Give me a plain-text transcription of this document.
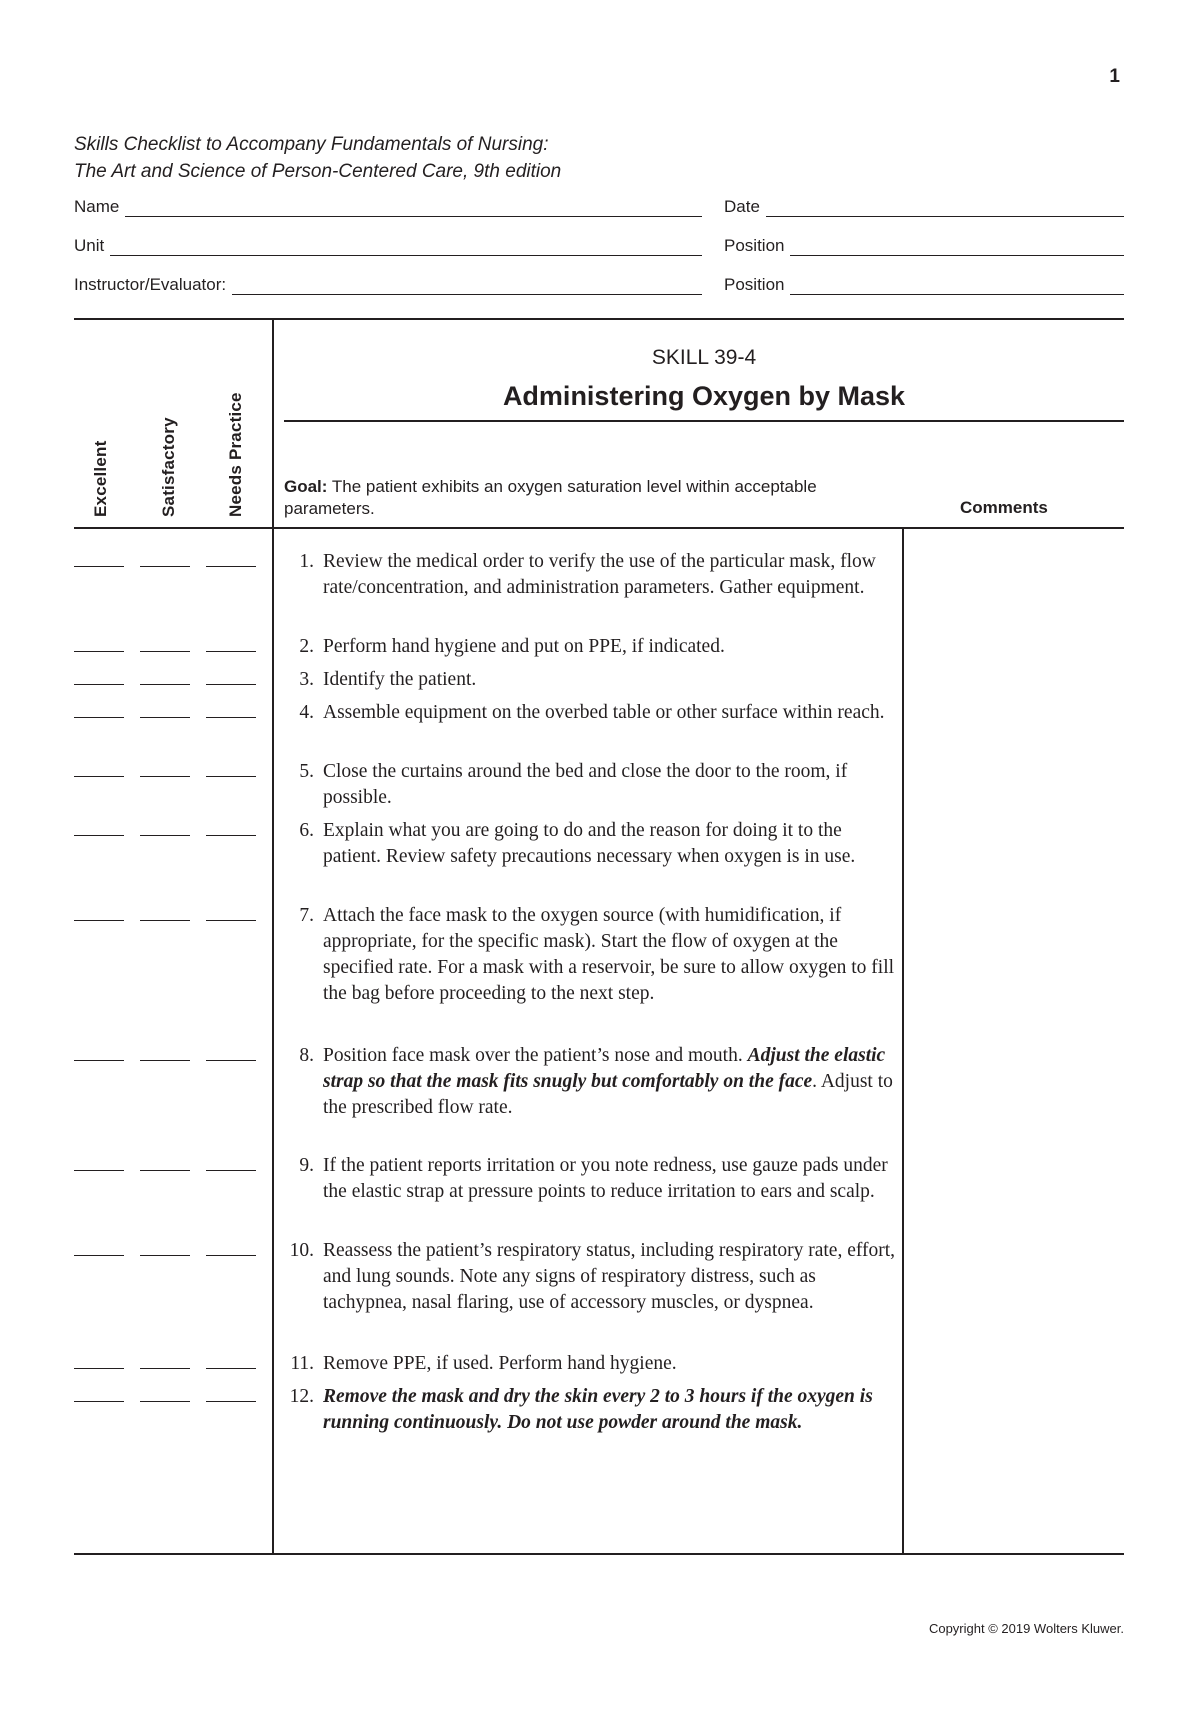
1
Skills Checklist to Accompany Fundamentals of Nursing:
The Art and Science of Person-Centered Care, 9th edition
Name	Date
Unit	Position
Instructor/Evaluator:	Position
Excellent	Satisfactory	Needs Practice
SKILL 39-4
Administering Oxygen by Mask
Goal: The patient exhibits an oxygen saturation level within acceptable parameters.	Comments
1. Review the medical order to verify the use of the particular mask, flow rate/concentration, and administration parameters. Gather equipment.
2. Perform hand hygiene and put on PPE, if indicated.
3. Identify the patient.
4. Assemble equipment on the overbed table or other surface within reach.
5. Close the curtains around the bed and close the door to the room, if possible.
6. Explain what you are going to do and the reason for doing it to the patient. Review safety precautions necessary when oxygen is in use.
7. Attach the face mask to the oxygen source (with humidification, if appropriate, for the specific mask). Start the flow of oxygen at the specified rate. For a mask with a reservoir, be sure to allow oxygen to fill the bag before proceeding to the next step.
8. Position face mask over the patient’s nose and mouth. Adjust the elastic strap so that the mask fits snugly but comfortably on the face. Adjust to the prescribed flow rate.
9. If the patient reports irritation or you note redness, use gauze pads under the elastic strap at pressure points to reduce irritation to ears and scalp.
10. Reassess the patient’s respiratory status, including respiratory rate, effort, and lung sounds. Note any signs of respiratory distress, such as tachypnea, nasal flaring, use of accessory muscles, or dyspnea.
11. Remove PPE, if used. Perform hand hygiene.
12. Remove the mask and dry the skin every 2 to 3 hours if the oxygen is running continuously. Do not use powder around the mask.
Copyright © 2019 Wolters Kluwer.
